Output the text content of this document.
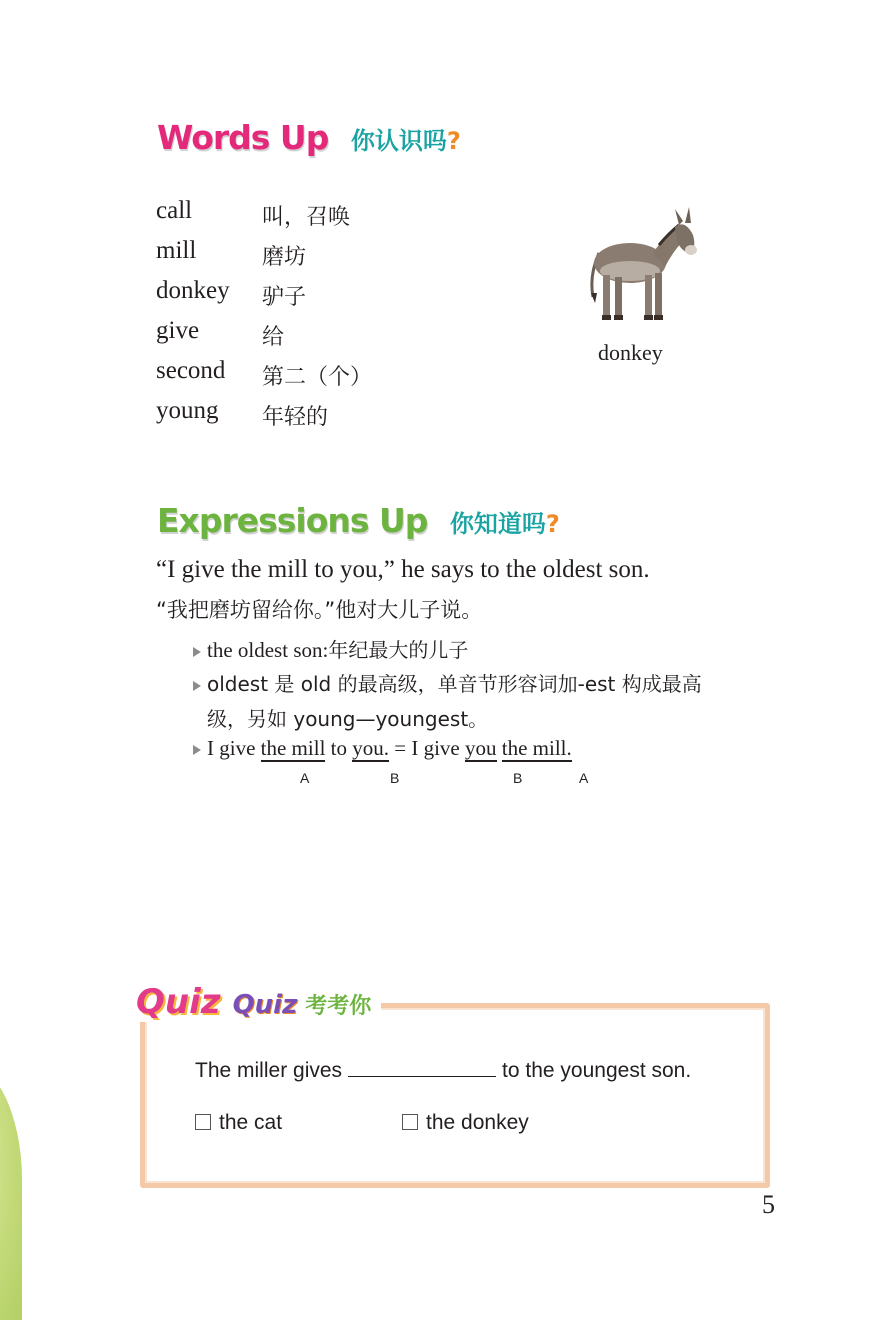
Words Up 你认识吗?
call	叫，召唤
mill	磨坊
donkey 驴子
give	给
second 第二（个）
young 年轻的
donkey
Expressions Up 你知道吗?
“I give the mill to you,” he says to the oldest son.
“我把磨坊留给你。”他对大儿子说。
the oldest son:年纪最大的儿子
oldest 是 old 的最高级，单音节形容词加-est 构成最高
级，另如 young—youngest。
I give the mill to you. = I give you the mill.
A	B	B	A
Quiz Quiz 考考你
The miller gives	to the youngest son.
the cat	the donkey
5
